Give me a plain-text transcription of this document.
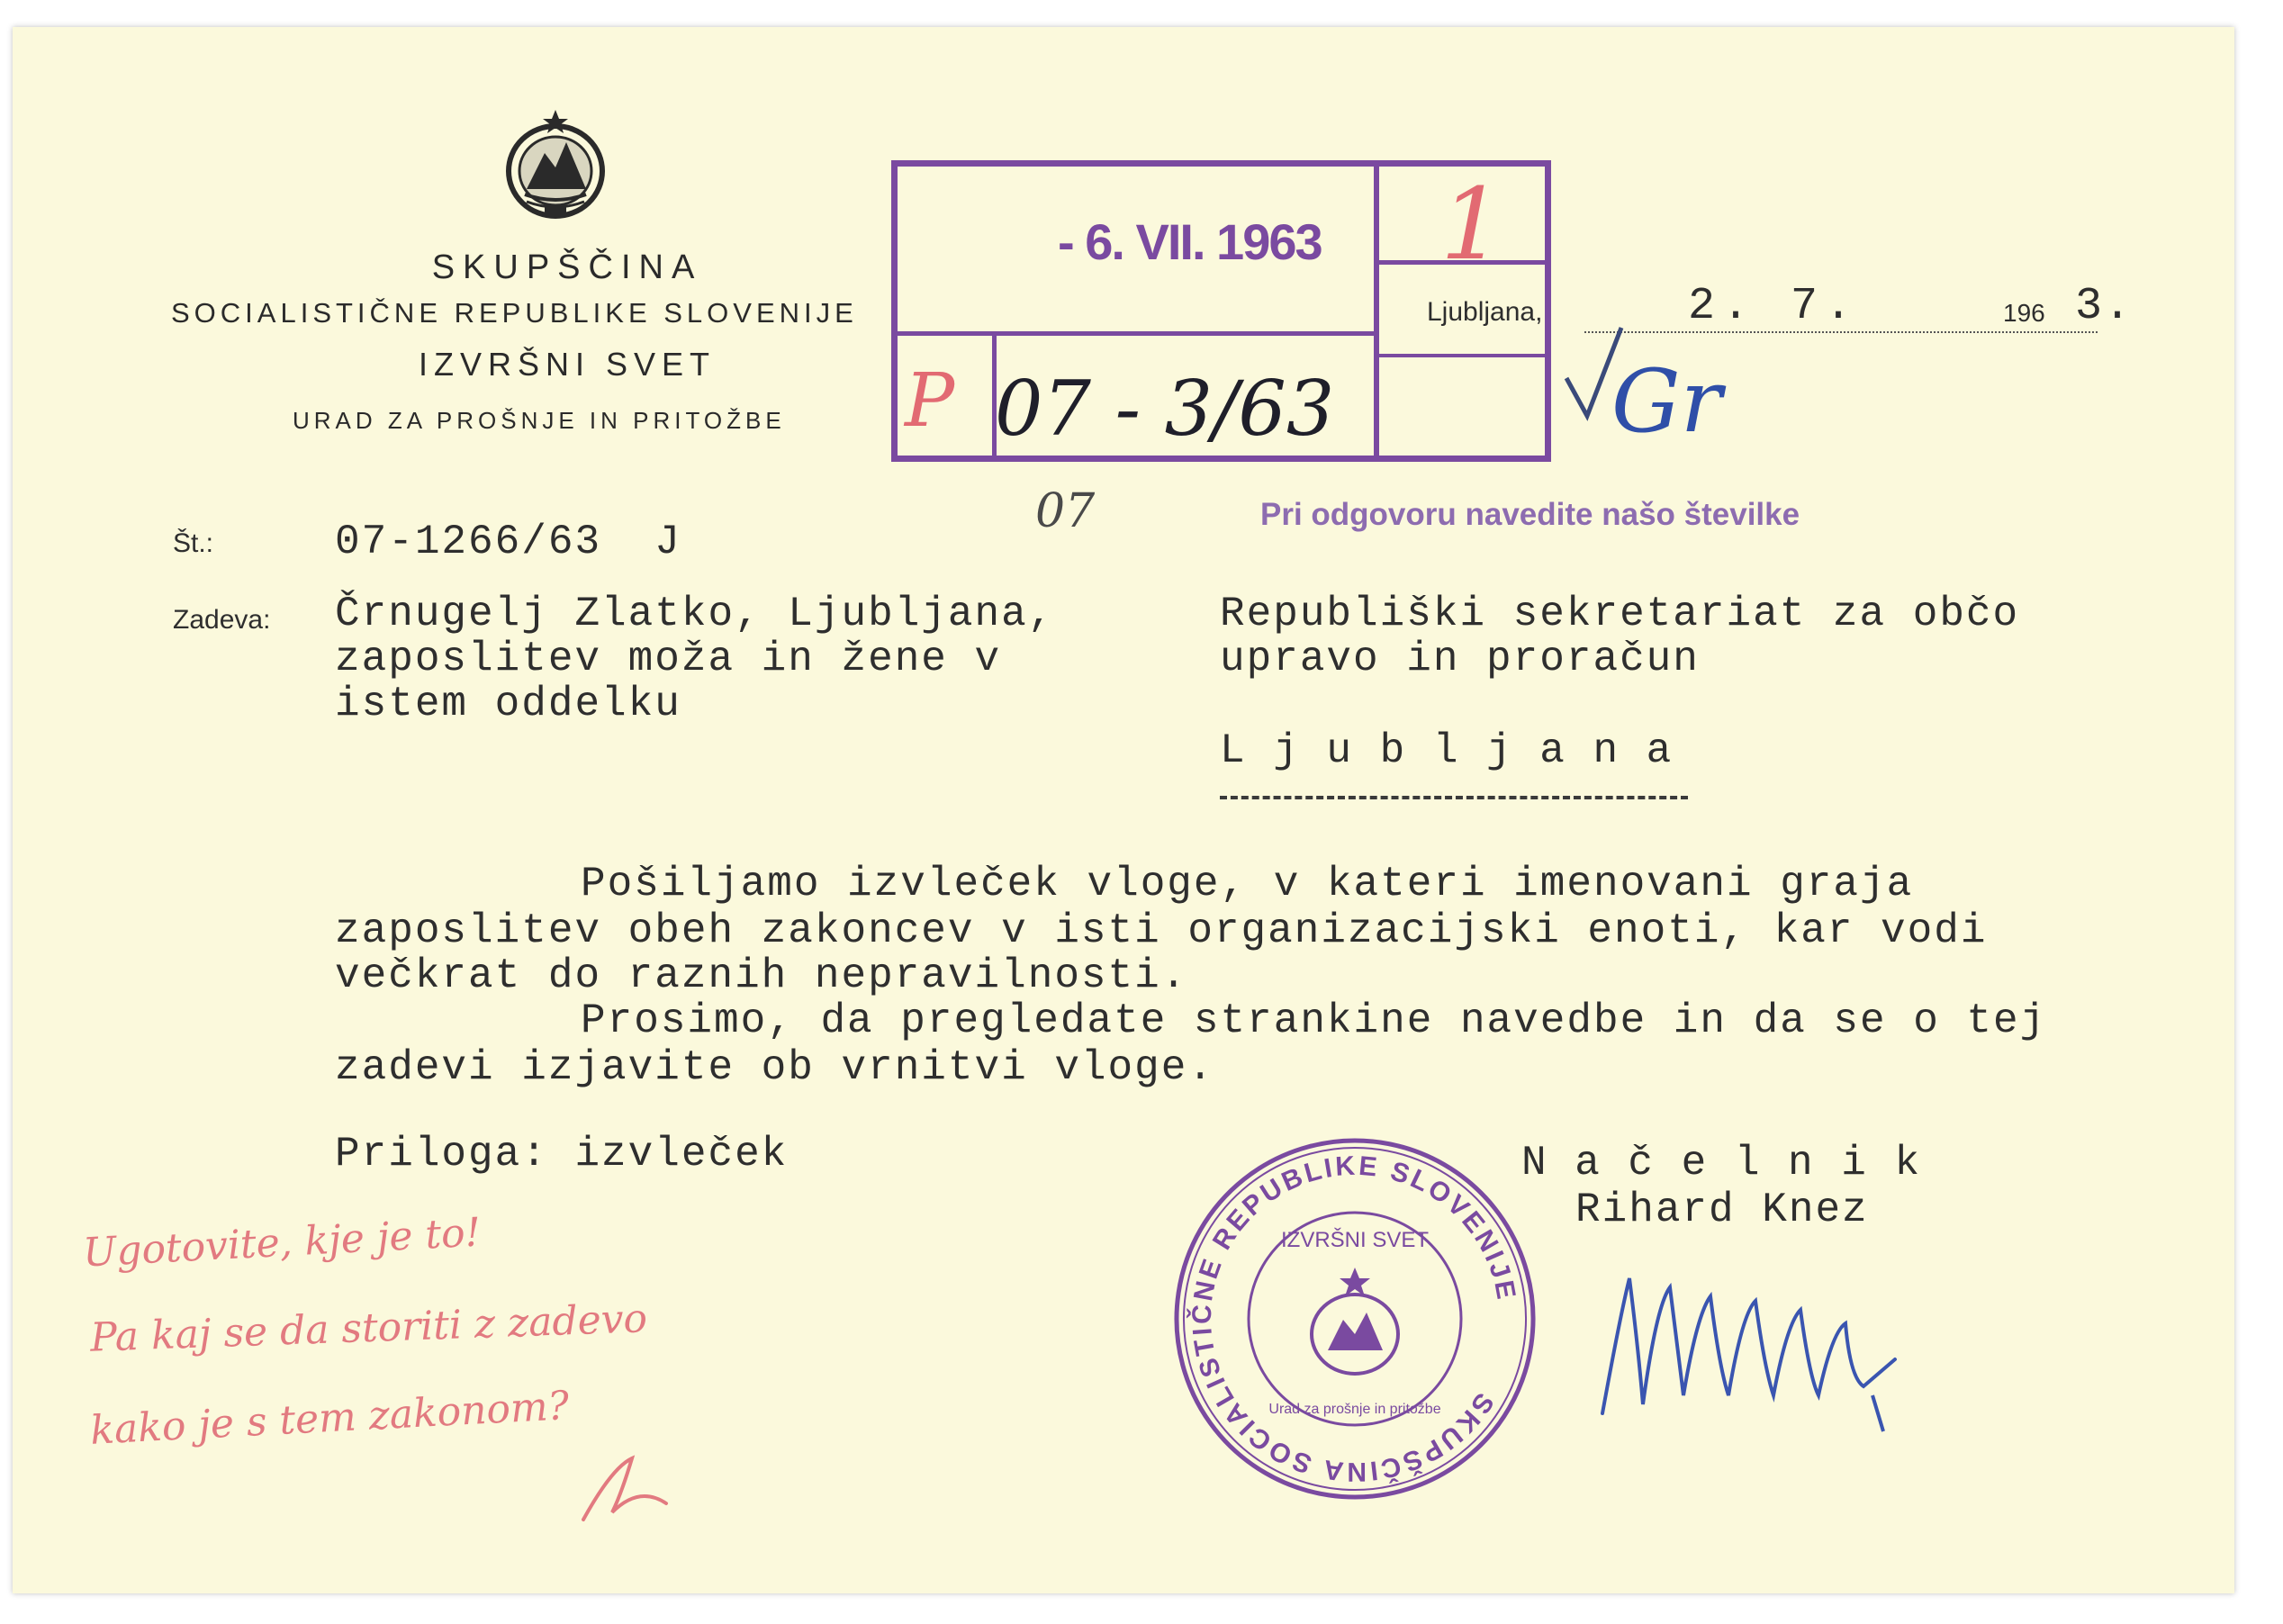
SKUPŠČINA
SOCIALISTIČNE REPUBLIKE SLOVENIJE
IZVRŠNI SVET
URAD ZA PROŠNJE IN PRITOŽBE
Ljubljana,	2. 7.	196 3.
- 6. VII. 1963 1
P 07 - 3/63
07
Gr
Pri odgovoru navedite našo številke
Št.:	07-1266/63  J
Zadeva: Črnugelj Zlatko, Ljubljana,
zaposlitev moža in žene v
istem oddelku
Republiški sekretariat za občo
upravo in proračun
L j u b l j a n a
Pošiljamo izvleček vloge, v kateri imenovani graja
zaposlitev obeh zakoncev v isti organizacijski enoti, kar vodi
večkrat do raznih nepravilnosti.
Prosimo, da pregledate strankine navedbe in da se o tej
zadevi izjavite ob vrnitvi vloge.
Priloga: izvleček	N a č e l n i k
Rihard Knez
SKUPŠČINA SOCIALISTIČNE REPUBLIKE SLOVENIJE
IZVRŠNI SVET
Urad za prošnje in pritožbe
Ugotovite, kje je to!
Pa kaj se da storiti z zadevo
kako je s tem zakonom?
